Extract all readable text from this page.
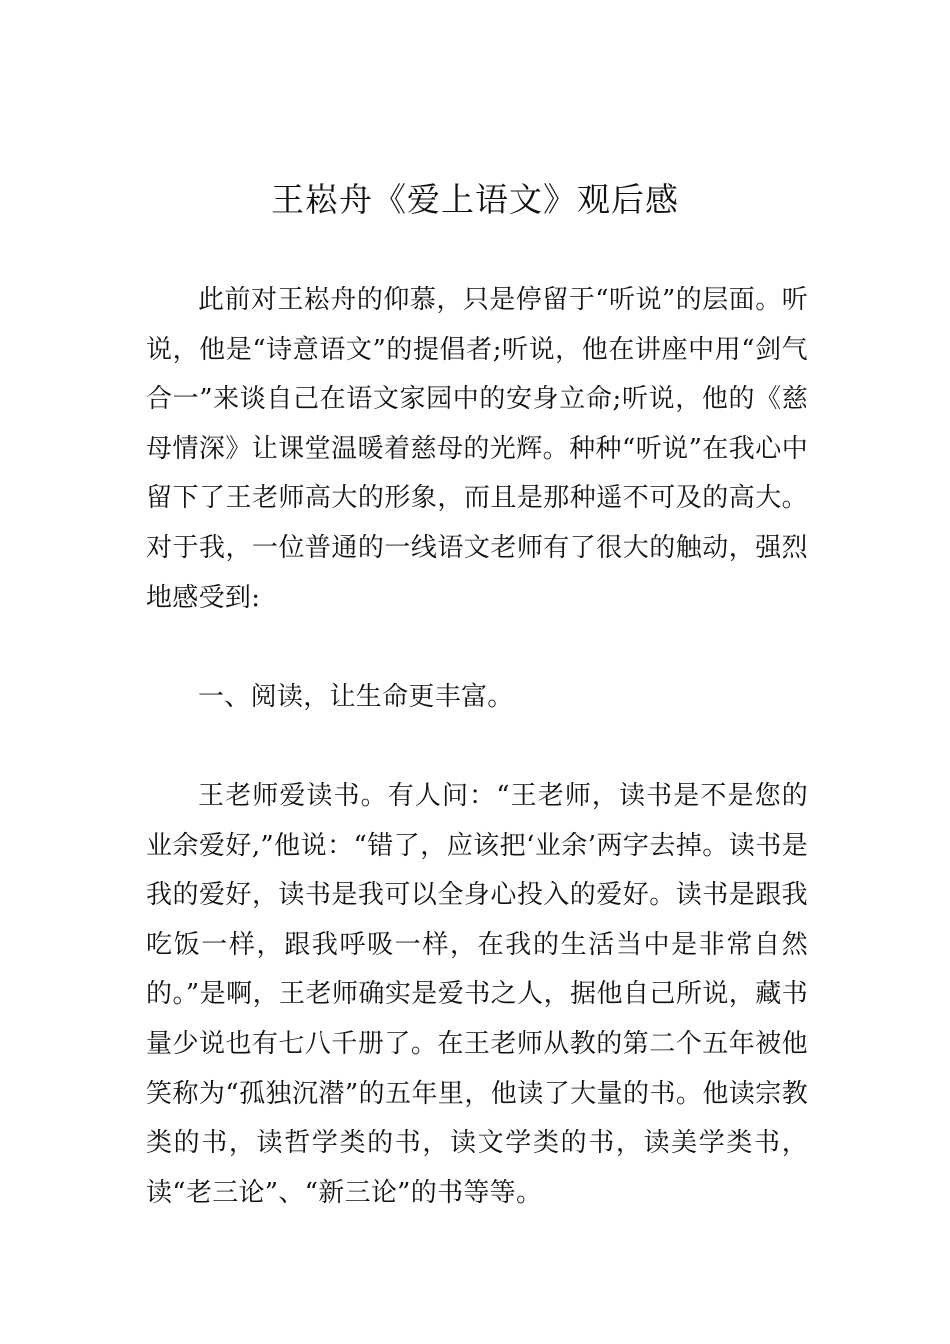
王崧舟《爱上语文》观后感

此前对王崧舟的仰慕，只是停留于“听说”的层面。听说，他是“诗意语文”的提倡者;听说，他在讲座中用“剑气合一”来谈自己在语文家园中的安身立命;听说，他的《慈母情深》让课堂温暖着慈母的光辉。种种“听说”在我心中留下了王老师高大的形象，而且是那种遥不可及的高大。对于我，一位普通的一线语文老师有了很大的触动，强烈地感受到:

一、阅读，让生命更丰富。

王老师爱读书。有人问：“王老师，读书是不是您的业余爱好,”他说：“错了，应该把‘业余’两字去掉。读书是我的爱好，读书是我可以全身心投入的爱好。读书是跟我吃饭一样，跟我呼吸一样，在我的生活当中是非常自然的。”是啊，王老师确实是爱书之人，据他自己所说，藏书量少说也有七八千册了。在王老师从教的第二个五年被他笑称为“孤独沉潜”的五年里，他读了大量的书。他读宗教类的书，读哲学类的书，读文学类的书，读美学类书，读“老三论”、“新三论”的书等等。
